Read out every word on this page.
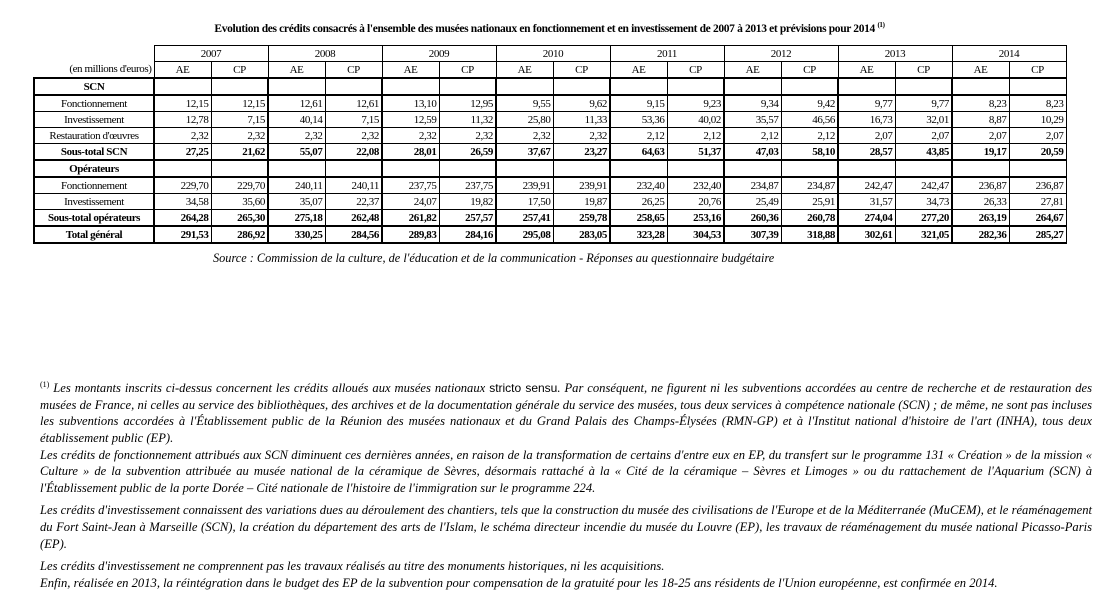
Evolution des crédits consacrés à l'ensemble des musées nationaux en fonctionnement et en investissement de 2007 à 2013 et prévisions pour 2014 $^{(1)}$
	2007		2008		2009		2010		2011		2012		2013		2014	
(en millions d'euros)	AE	CP	AE	CP	AE	CP	AE	CP	AE	CP	AE	CP	AE	CP	AE	CP
SCN																
Fonctionnement	12,15	12,15	12,61	12,61	13,10	12,95	9,55	9,62	9,15	9,23	9,34	9,42	9,77	9,77	8,23	8,23
Investissement	12,78	7,15	40,14	7,15	12,59	11,32	25,80	11,33	53,36	40,02	35,57	46,56	16,73	32,01	8,87	10,29
Restauration d'œuvres	2,32	2,32	2,32	2,32	2,32	2,32	2,32	2,32	2,12	2,12	2,12	2,12	2,07	2,07	2,07	2,07
Sous-total SCN	27,25	21,62	55,07	22,08	28,01	26,59	37,67	23,27	64,63	51,37	47,03	58,10	28,57	43,85	19,17	20,59
Opérateurs																
Fonctionnement	229,70	229,70	240,11	240,11	237,75	237,75	239,91	239,91	232,40	232,40	234,87	234,87	242,47	242,47	236,87	236,87
Investissement	34,58	35,60	35,07	22,37	24,07	19,82	17,50	19,87	26,25	20,76	25,49	25,91	31,57	34,73	26,33	27,81
Sous-total opérateurs	264,28	265,30	275,18	262,48	261,82	257,57	257,41	259,78	258,65	253,16	260,36	260,78	274,04	277,20	263,19	264,67
Total général	291,53	286,92	330,25	284,56	289,83	284,16	295,08	283,05	323,28	304,53	307,39	318,88	302,61	321,05	282,36	285,27
Source : Commission de la culture, de l'éducation et de la communication - Réponses au questionnaire budgétaire

$^{(1)}$ Les montants inscrits ci-dessus concernent les crédits alloués aux musées nationaux stricto sensu. Par conséquent, ne figurent ni les subventions accordées au centre de recherche et de restauration des musées de France, ni celles au service des bibliothèques, des archives et de la documentation générale du service des musées, tous deux services à compétence nationale (SCN) ; de même, ne sont pas incluses les subventions accordées à l'Établissement public de la Réunion des musées nationaux et du Grand Palais des Champs-Élysées (RMN-GP) et à l'Institut national d'histoire de l'art (INHA), tous deux établissement public (EP).

Les crédits de fonctionnement attribués aux SCN diminuent ces dernières années, en raison de la transformation de certains d'entre eux en EP, du transfert sur le programme 131 « Création » de la mission « Culture » de la subvention attribuée au musée national de la céramique de Sèvres, désormais rattaché à la « Cité de la céramique – Sèvres et Limoges » ou du rattachement de l'Aquarium (SCN) à l'Établissement public de la porte Dorée – Cité nationale de l'histoire de l'immigration sur le programme 224.

Les crédits d'investissement connaissent des variations dues au déroulement des chantiers, tels que la construction du musée des civilisations de l'Europe et de la Méditerranée (MuCEM), et le réaménagement du Fort Saint-Jean à Marseille (SCN), la création du département des arts de l'Islam, le schéma directeur incendie du musée du Louvre (EP), les travaux de réaménagement du musée national Picasso-Paris (EP).

Les crédits d'investissement ne comprennent pas les travaux réalisés au titre des monuments historiques, ni les acquisitions.

Enfin, réalisée en 2013, la réintégration dans le budget des EP de la subvention pour compensation de la gratuité pour les 18-25 ans résidents de l'Union européenne, est confirmée en 2014.
